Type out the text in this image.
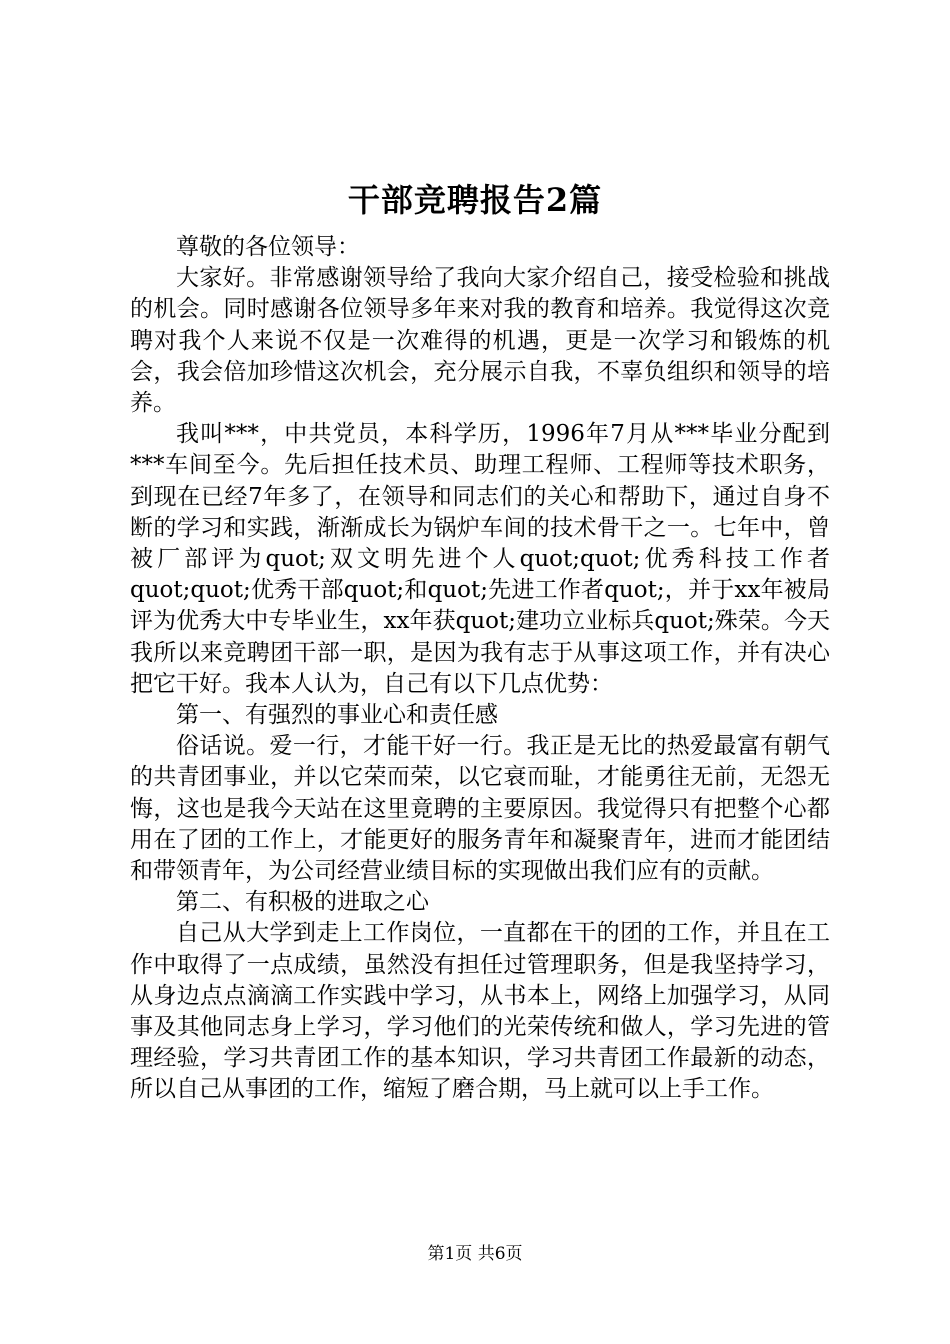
干部竞聘报告2篇

尊敬的各位领导：

大家好。非常感谢领导给了我向大家介绍自己，接受检验和挑战的机会。同时感谢各位领导多年来对我的教育和培养。我觉得这次竞聘对我个人来说不仅是一次难得的机遇，更是一次学习和锻炼的机会，我会倍加珍惜这次机会，充分展示自我，不辜负组织和领导的培养。

我叫***，中共党员，本科学历，1996年7月从***毕业分配到***车间至今。先后担任技术员、助理工程师、工程师等技术职务，到现在已经7年多了，在领导和同志们的关心和帮助下，通过自身不断的学习和实践，渐渐成长为锅炉车间的技术骨干之一。七年中，曾被厂部评为quot;双文明先进个人quot;quot;优秀科技工作者quot;quot;优秀干部quot;和quot;先进工作者quot;，并于xx年被局评为优秀大中专毕业生，xx年获quot;建功立业标兵quot;殊荣。今天我所以来竞聘团干部一职，是因为我有志于从事这项工作，并有决心把它干好。我本人认为，自己有以下几点优势：

第一、有强烈的事业心和责任感

俗话说。爱一行，才能干好一行。我正是无比的热爱最富有朝气的共青团事业，并以它荣而荣，以它衰而耻，才能勇往无前，无怨无悔，这也是我今天站在这里竟聘的主要原因。我觉得只有把整个心都用在了团的工作上，才能更好的服务青年和凝聚青年，进而才能团结和带领青年，为公司经营业绩目标的实现做出我们应有的贡献。

第二、有积极的进取之心

自己从大学到走上工作岗位，一直都在干的团的工作，并且在工作中取得了一点成绩，虽然没有担任过管理职务，但是我坚持学习，从身边点点滴滴工作实践中学习，从书本上，网络上加强学习，从同事及其他同志身上学习，学习他们的光荣传统和做人，学习先进的管理经验，学习共青团工作的基本知识，学习共青团工作最新的动态，所以自己从事团的工作，缩短了磨合期，马上就可以上手工作。

第1页 共6页
